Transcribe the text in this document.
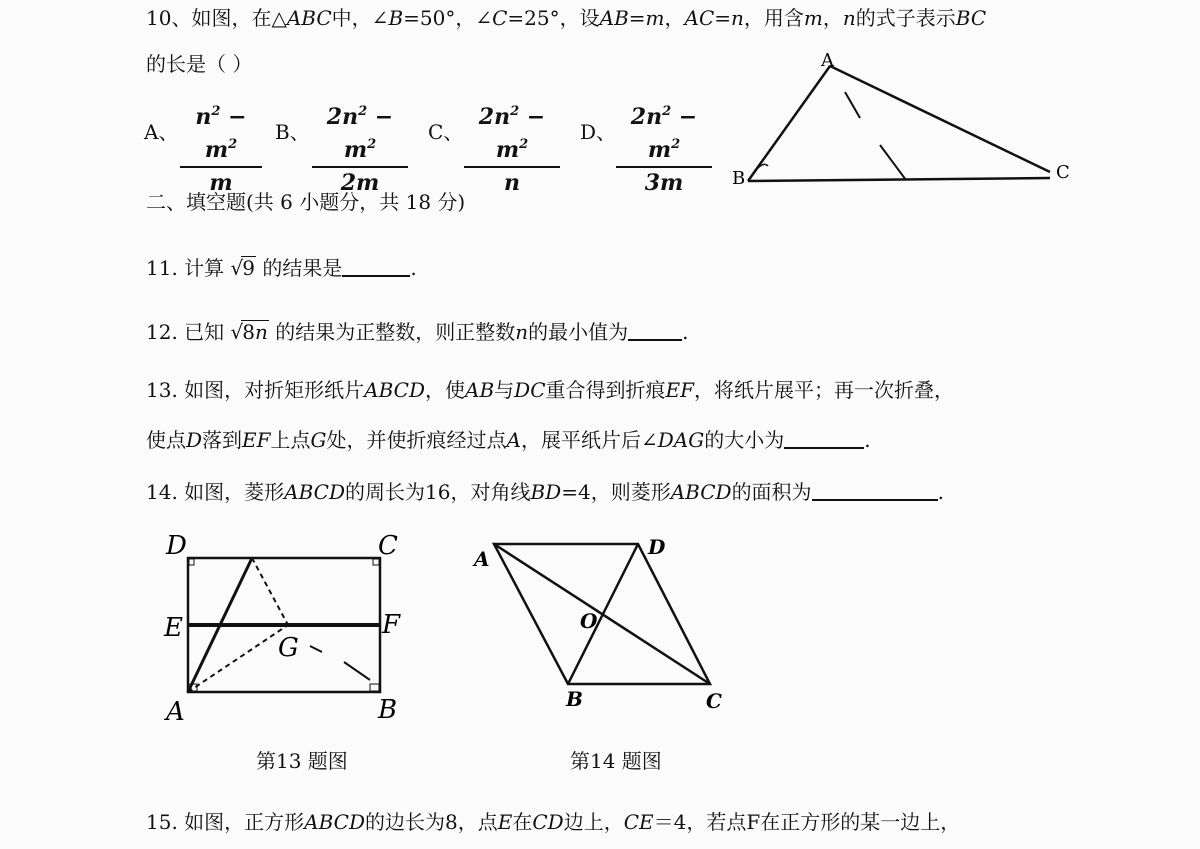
10、如图，在△ABC中，∠B=50°，∠C=25°，设AB=m，AC=n，用含m，n的式子表示BC
的长是（ ）
A、 $\frac{n^2 - m^2}{m}$ B、 $\frac{2n^2 - m^2}{2m}$ C、 $\frac{2n^2 - m^2}{n}$ D、 $\frac{2n^2 - m^2}{3m}$
A
B	C
二、填空题(共 6 小题分，共 18 分)
11. 计算 √9 的结果是	.
12. 已知 √8n 的结果为正整数，则正整数n的最小值为	.
13. 如图，对折矩形纸片ABCD，使AB与DC重合得到折痕EF，将纸片展平；再一次折叠，
使点D落到EF上点G处，并使折痕经过点A，展平纸片后∠DAG的大小为	.
14. 如图，菱形ABCD的周长为16，对角线BD=4，则菱形ABCD的面积为	.
D	C
E	F
G
A	B
第13 题图
A	D
O
B	C
第14 题图
15. 如图，正方形ABCD的边长为8，点E在CD边上，CE＝4，若点F在正方形的某一边上，
